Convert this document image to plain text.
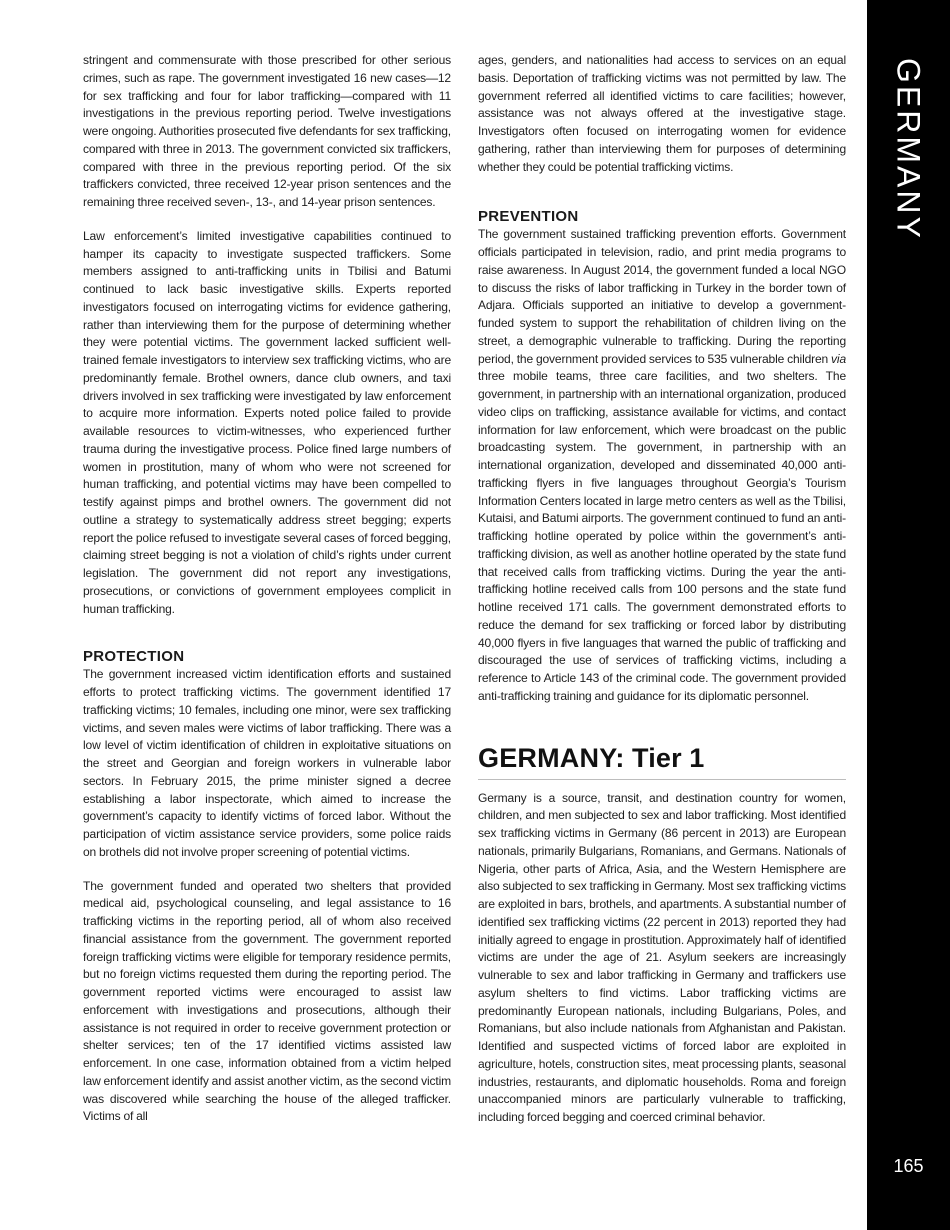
stringent and commensurate with those prescribed for other serious crimes, such as rape. The government investigated 16 new cases—12 for sex trafficking and four for labor trafficking—compared with 11 investigations in the previous reporting period. Twelve investigations were ongoing. Authorities prosecuted five defendants for sex trafficking, compared with three in 2013. The government convicted six traffickers, compared with three in the previous reporting period. Of the six traffickers convicted, three received 12-year prison sentences and the remaining three received seven-, 13-, and 14-year prison sentences.

Law enforcement’s limited investigative capabilities continued to hamper its capacity to investigate suspected traffickers. Some members assigned to anti-trafficking units in Tbilisi and Batumi continued to lack basic investigative skills. Experts reported investigators focused on interrogating victims for evidence gathering, rather than interviewing them for the purpose of determining whether they were potential victims. The government lacked sufficient well-trained female investigators to interview sex trafficking victims, who are predominantly female. Brothel owners, dance club owners, and taxi drivers involved in sex trafficking were investigated by law enforcement to acquire more information. Experts noted police failed to provide available resources to victim-witnesses, who experienced further trauma during the investigative process. Police fined large numbers of women in prostitution, many of whom who were not screened for human trafficking, and potential victims may have been compelled to testify against pimps and brothel owners. The government did not outline a strategy to systematically address street begging; experts report the police refused to investigate several cases of forced begging, claiming street begging is not a violation of child’s rights under current legislation. The government did not report any investigations, prosecutions, or convictions of government employees complicit in human trafficking.

PROTECTION

The government increased victim identification efforts and sustained efforts to protect trafficking victims. The government identified 17 trafficking victims; 10 females, including one minor, were sex trafficking victims, and seven males were victims of labor trafficking. There was a low level of victim identification of children in exploitative situations on the street and Georgian and foreign workers in vulnerable labor sectors. In February 2015, the prime minister signed a decree establishing a labor inspectorate, which aimed to increase the government’s capacity to identify victims of forced labor. Without the participation of victim assistance service providers, some police raids on brothels did not involve proper screening of potential victims.

The government funded and operated two shelters that provided medical aid, psychological counseling, and legal assistance to 16 trafficking victims in the reporting period, all of whom also received financial assistance from the government. The government reported foreign trafficking victims were eligible for temporary residence permits, but no foreign victims requested them during the reporting period. The government reported victims were encouraged to assist law enforcement with investigations and prosecutions, although their assistance is not required in order to receive government protection or shelter services; ten of the 17 identified victims assisted law enforcement. In one case, information obtained from a victim helped law enforcement identify and assist another victim, as the second victim was discovered while searching the house of the alleged trafficker. Victims of all

ages, genders, and nationalities had access to services on an equal basis. Deportation of trafficking victims was not permitted by law. The government referred all identified victims to care facilities; however, assistance was not always offered at the investigative stage. Investigators often focused on interrogating women for evidence gathering, rather than interviewing them for purposes of determining whether they could be potential trafficking victims.

PREVENTION

The government sustained trafficking prevention efforts. Government officials participated in television, radio, and print media programs to raise awareness. In August 2014, the government funded a local NGO to discuss the risks of labor trafficking in Turkey in the border town of Adjara. Officials supported an initiative to develop a government-funded system to support the rehabilitation of children living on the street, a demographic vulnerable to trafficking. During the reporting period, the government provided services to 535 vulnerable children via three mobile teams, three care facilities, and two shelters. The government, in partnership with an international organization, produced video clips on trafficking, assistance available for victims, and contact information for law enforcement, which were broadcast on the public broadcasting system. The government, in partnership with an international organization, developed and disseminated 40,000 anti-trafficking flyers in five languages throughout Georgia’s Tourism Information Centers located in large metro centers as well as the Tbilisi, Kutaisi, and Batumi airports. The government continued to fund an anti-trafficking hotline operated by police within the government’s anti-trafficking division, as well as another hotline operated by the state fund that received calls from trafficking victims. During the year the anti-trafficking hotline received calls from 100 persons and the state fund hotline received 171 calls. The government demonstrated efforts to reduce the demand for sex trafficking or forced labor by distributing 40,000 flyers in five languages that warned the public of trafficking and discouraged the use of services of trafficking victims, including a reference to Article 143 of the criminal code. The government provided anti-trafficking training and guidance for its diplomatic personnel.

GERMANY: Tier 1

Germany is a source, transit, and destination country for women, children, and men subjected to sex and labor trafficking. Most identified sex trafficking victims in Germany (86 percent in 2013) are European nationals, primarily Bulgarians, Romanians, and Germans. Nationals of Nigeria, other parts of Africa, Asia, and the Western Hemisphere are also subjected to sex trafficking in Germany. Most sex trafficking victims are exploited in bars, brothels, and apartments. A substantial number of identified sex trafficking victims (22 percent in 2013) reported they had initially agreed to engage in prostitution. Approximately half of identified victims are under the age of 21. Asylum seekers are increasingly vulnerable to sex and labor trafficking in Germany and traffickers use asylum shelters to find victims. Labor trafficking victims are predominantly European nationals, including Bulgarians, Poles, and Romanians, but also include nationals from Afghanistan and Pakistan. Identified and suspected victims of forced labor are exploited in agriculture, hotels, construction sites, meat processing plants, seasonal industries, restaurants, and diplomatic households. Roma and foreign unaccompanied minors are particularly vulnerable to trafficking, including forced begging and coerced criminal behavior.

GERMANY
165
